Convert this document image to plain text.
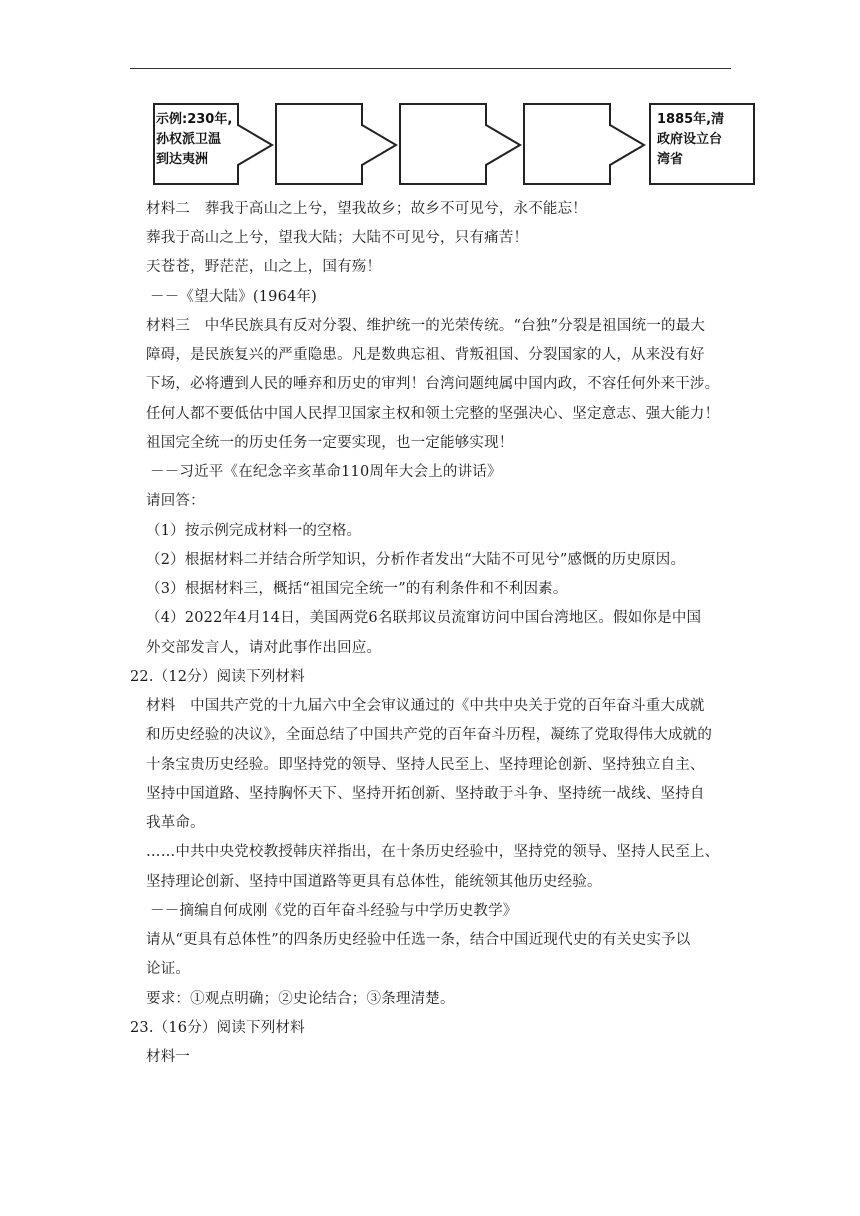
示例:230年,
孙权派卫温
到达夷洲
1885年,清
政府设立台
湾省
材料二　葬我于高山之上兮，望我故乡；故乡不可见兮，永不能忘！
葬我于高山之上兮，望我大陆；大陆不可见兮，只有痛苦！
天苍苍，野茫茫，山之上，国有殇！
－－《望大陆》(1964年)
材料三　中华民族具有反对分裂、维护统一的光荣传统。“台独”分裂是祖国统一的最大
障碍，是民族复兴的严重隐患。凡是数典忘祖、背叛祖国、分裂国家的人，从来没有好
下场，必将遭到人民的唾弃和历史的审判！台湾问题纯属中国内政，不容任何外来干涉。
任何人都不要低估中国人民捍卫国家主权和领土完整的坚强决心、坚定意志、强大能力！
祖国完全统一的历史任务一定要实现，也一定能够实现！
－－习近平《在纪念辛亥革命110周年大会上的讲话》
请回答：
（1）按示例完成材料一的空格。
（2）根据材料二并结合所学知识，分析作者发出“大陆不可见兮”感慨的历史原因。
（3）根据材料三，概括“祖国完全统一”的有利条件和不利因素。
（4）2022年4月14日，美国两党6名联邦议员流窜访问中国台湾地区。假如你是中国
外交部发言人，请对此事作出回应。
22.（12分）阅读下列材料
材料　中国共产党的十九届六中全会审议通过的《中共中央关于党的百年奋斗重大成就
和历史经验的决议》，全面总结了中国共产党的百年奋斗历程，凝练了党取得伟大成就的
十条宝贵历史经验。即坚持党的领导、坚持人民至上、坚持理论创新、坚持独立自主、
坚持中国道路、坚持胸怀天下、坚持开拓创新、坚持敢于斗争、坚持统一战线、坚持自
我革命。
……中共中央党校教授韩庆祥指出，在十条历史经验中，坚持党的领导、坚持人民至上、
坚持理论创新、坚持中国道路等更具有总体性，能统领其他历史经验。
－－摘编自何成刚《党的百年奋斗经验与中学历史教学》
请从“更具有总体性”的四条历史经验中任选一条，结合中国近现代史的有关史实予以
论证。
要求：①观点明确；②史论结合；③条理清楚。
23.（16分）阅读下列材料
材料一
